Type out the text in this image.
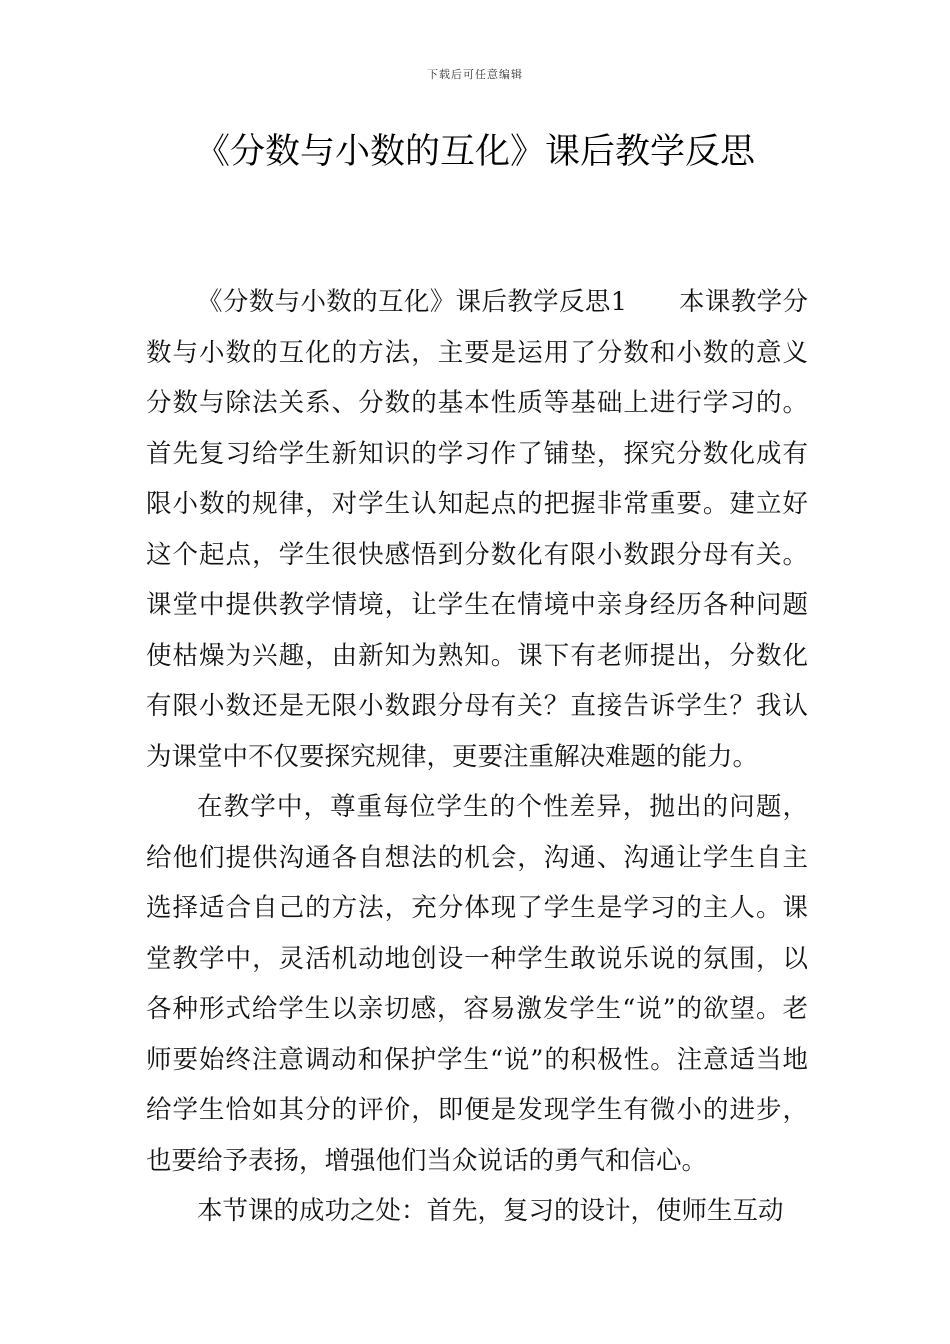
下载后可任意编辑
《分数与小数的互化》课后教学反思

《分数与小数的互化》课后教学反思1　　本课教学分数与小数的互化的方法，主要是运用了分数和小数的意义分数与除法关系、分数的基本性质等基础上进行学习的。首先复习给学生新知识的学习作了铺垫，探究分数化成有限小数的规律，对学生认知起点的把握非常重要。建立好这个起点，学生很快感悟到分数化有限小数跟分母有关。课堂中提供教学情境，让学生在情境中亲身经历各种问题使枯燥为兴趣，由新知为熟知。课下有老师提出，分数化有限小数还是无限小数跟分母有关？直接告诉学生？我认为课堂中不仅要探究规律，更要注重解决难题的能力。

在教学中，尊重每位学生的个性差异，抛出的问题，给他们提供沟通各自想法的机会，沟通、沟通让学生自主选择适合自己的方法，充分体现了学生是学习的主人。课堂教学中，灵活机动地创设一种学生敢说乐说的氛围，以各种形式给学生以亲切感，容易激发学生“说”的欲望。老师要始终注意调动和保护学生“说”的积极性。注意适当地给学生恰如其分的评价，即便是发现学生有微小的进步，也要给予表扬，增强他们当众说话的勇气和信心。

本节课的成功之处：首先，复习的设计，使师生互动
